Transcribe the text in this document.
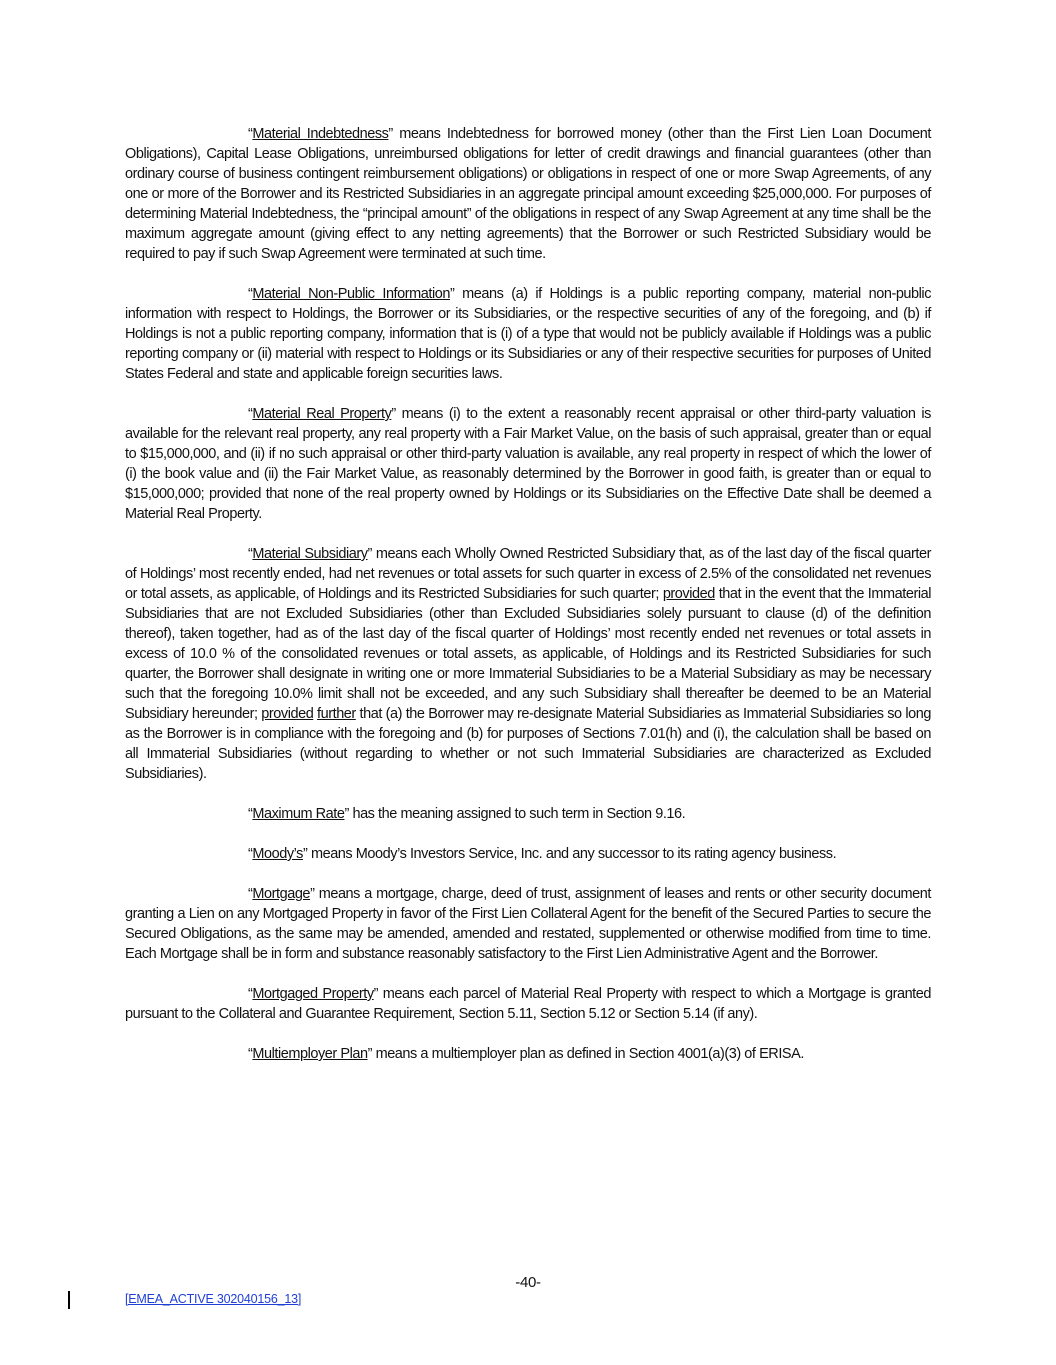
“Material Indebtedness” means Indebtedness for borrowed money (other than the First Lien Loan Document Obligations), Capital Lease Obligations, unreimbursed obligations for letter of credit drawings and financial guarantees (other than ordinary course of business contingent reimbursement obligations) or obligations in respect of one or more Swap Agreements, of any one or more of the Borrower and its Restricted Subsidiaries in an aggregate principal amount exceeding $25,000,000. For purposes of determining Material Indebtedness, the “principal amount” of the obligations in respect of any Swap Agreement at any time shall be the maximum aggregate amount (giving effect to any netting agreements) that the Borrower or such Restricted Subsidiary would be required to pay if such Swap Agreement were terminated at such time.

“Material Non-Public Information” means (a) if Holdings is a public reporting company, material non-public information with respect to Holdings, the Borrower or its Subsidiaries, or the respective securities of any of the foregoing, and (b) if Holdings is not a public reporting company, information that is (i) of a type that would not be publicly available if Holdings was a public reporting company or (ii) material with respect to Holdings or its Subsidiaries or any of their respective securities for purposes of United States Federal and state and applicable foreign securities laws.

“Material Real Property” means (i) to the extent a reasonably recent appraisal or other third-party valuation is available for the relevant real property, any real property with a Fair Market Value, on the basis of such appraisal, greater than or equal to $15,000,000, and (ii) if no such appraisal or other third-party valuation is available, any real property in respect of which the lower of (i) the book value and (ii) the Fair Market Value, as reasonably determined by the Borrower in good faith, is greater than or equal to $15,000,000; provided that none of the real property owned by Holdings or its Subsidiaries on the Effective Date shall be deemed a Material Real Property.

“Material Subsidiary” means each Wholly Owned Restricted Subsidiary that, as of the last day of the fiscal quarter of Holdings’ most recently ended, had net revenues or total assets for such quarter in excess of 2.5% of the consolidated net revenues or total assets, as applicable, of Holdings and its Restricted Subsidiaries for such quarter; provided that in the event that the Immaterial Subsidiaries that are not Excluded Subsidiaries (other than Excluded Subsidiaries solely pursuant to clause (d) of the definition thereof), taken together, had as of the last day of the fiscal quarter of Holdings’ most recently ended net revenues or total assets in excess of 10.0 % of the consolidated revenues or total assets, as applicable, of Holdings and its Restricted Subsidiaries for such quarter, the Borrower shall designate in writing one or more Immaterial Subsidiaries to be a Material Subsidiary as may be necessary such that the foregoing 10.0% limit shall not be exceeded, and any such Subsidiary shall thereafter be deemed to be an Material Subsidiary hereunder; provided further that (a) the Borrower may re-designate Material Subsidiaries as Immaterial Subsidiaries so long as the Borrower is in compliance with the foregoing and (b) for purposes of Sections 7.01(h) and (i), the calculation shall be based on all Immaterial Subsidiaries (without regarding to whether or not such Immaterial Subsidiaries are characterized as Excluded Subsidiaries).

“Maximum Rate” has the meaning assigned to such term in Section 9.16.

“Moody’s” means Moody’s Investors Service, Inc. and any successor to its rating agency business.

“Mortgage” means a mortgage, charge, deed of trust, assignment of leases and rents or other security document granting a Lien on any Mortgaged Property in favor of the First Lien Collateral Agent for the benefit of the Secured Parties to secure the Secured Obligations, as the same may be amended, amended and restated, supplemented or otherwise modified from time to time. Each Mortgage shall be in form and substance reasonably satisfactory to the First Lien Administrative Agent and the Borrower.

“Mortgaged Property” means each parcel of Material Real Property with respect to which a Mortgage is granted pursuant to the Collateral and Guarantee Requirement, Section 5.11, Section 5.12 or Section 5.14 (if any).

“Multiemployer Plan” means a multiemployer plan as defined in Section 4001(a)(3) of ERISA.

-40-
[EMEA_ACTIVE 302040156_13]
